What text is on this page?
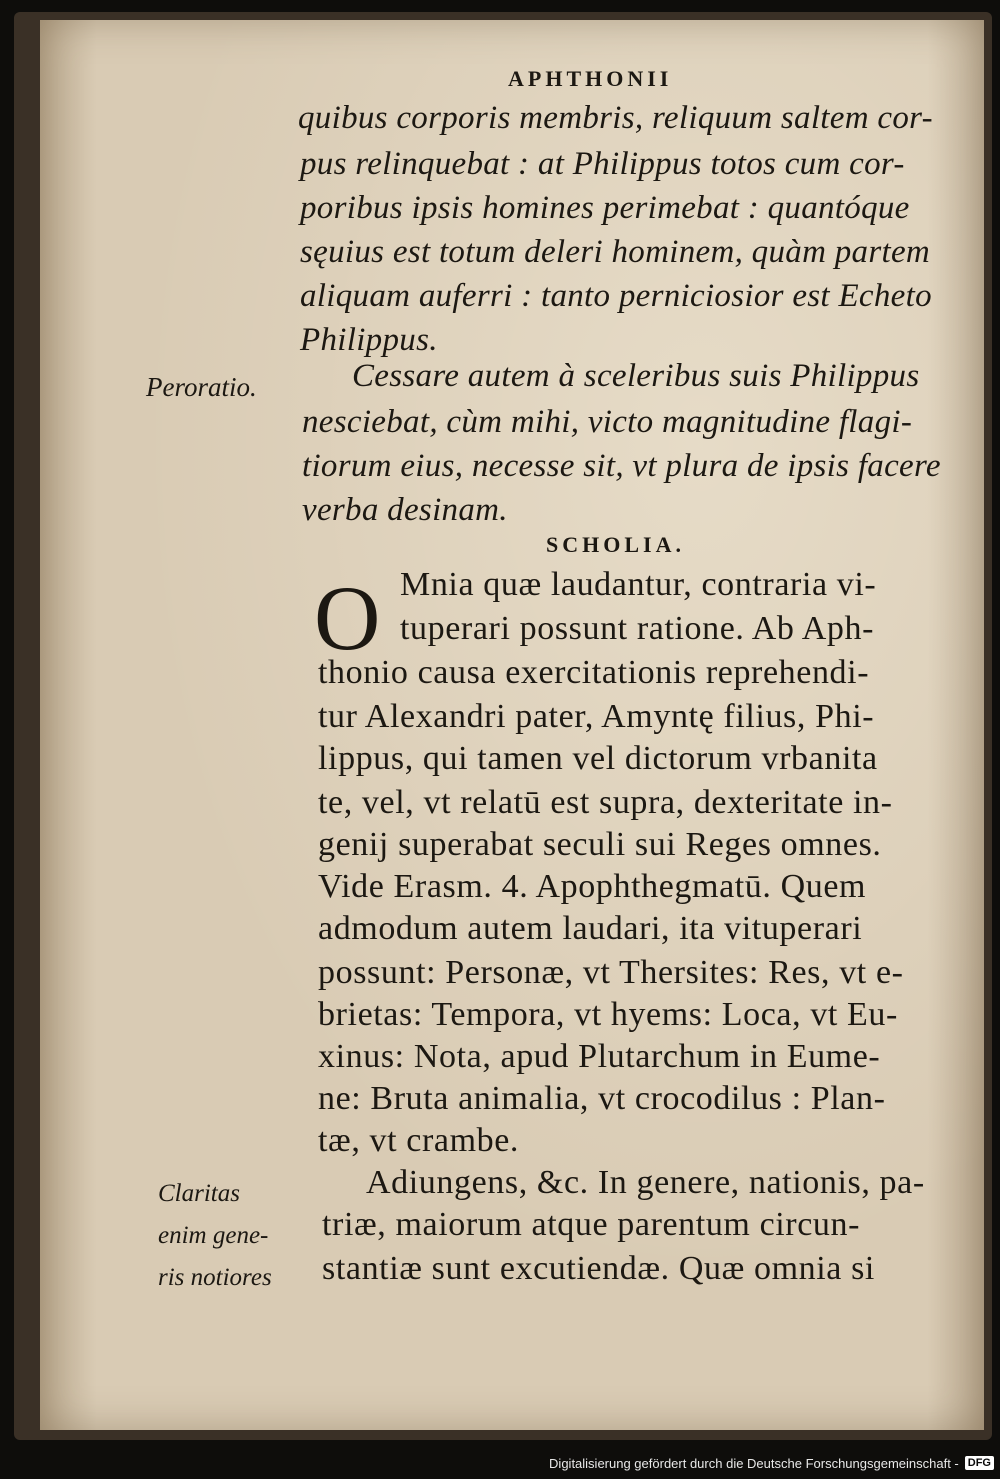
APHTHONII
quibus corporis membris, reliquum saltem cor-
pus relinquebat : at Philippus totos cum cor-
poribus ipsis homines perimebat : quantóque
sęuius est totum deleri hominem, quàm partem
aliquam auferri : tanto perniciosior est Echeto
Philippus.
Peroratio.	Cessare autem à sceleribus suis Philippus
nesciebat, cùm mihi, victo magnitudine flagi-
tiorum eius, necesse sit, vt plura de ipsis facere
verba desinam.
SCHOLIA.
O Mnia quæ laudantur, contraria vi-
tuperari possunt ratione. Ab Aph-
thonio causa exercitationis reprehendi-
tur Alexandri pater, Amyntę filius, Phi-
lippus, qui tamen vel dictorum vrbanita
te, vel, vt relatū est supra, dexteritate in-
genij superabat seculi sui Reges omnes.
Vide Erasm. 4. Apophthegmatū. Quem
admodum autem laudari, ita vituperari
possunt: Personæ, vt Thersites: Res, vt e-
brietas: Tempora, vt hyems: Loca, vt Eu-
xinus: Nota, apud Plutarchum in Eume-
ne: Bruta animalia, vt crocodilus : Plan-
tæ, vt crambe.
Claritas
enim gene-
ris notiores
Adiungens, &c. In genere, nationis, pa-
triæ, maiorum atque parentum circun-
stantiæ sunt excutiendæ. Quæ omnia si
Digitalisierung gefördert durch die Deutsche Forschungsgemeinschaft - DFG
